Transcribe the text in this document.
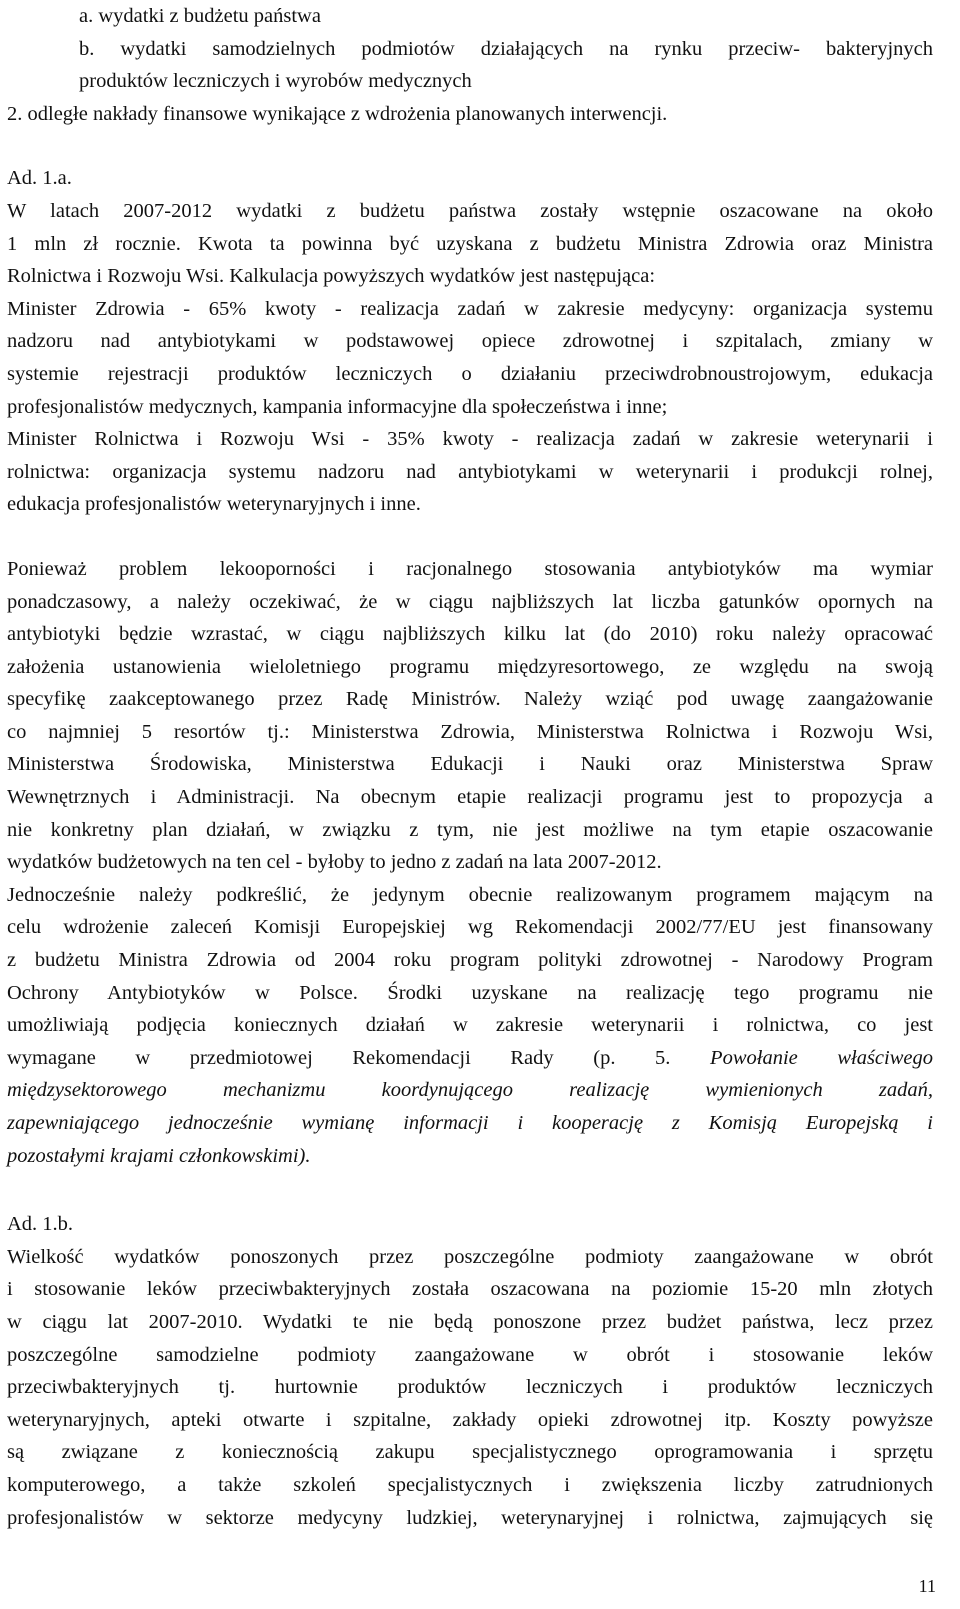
a. wydatki z budżetu państwa
b. wydatki samodzielnych podmiotów działających na rynku przeciw- bakteryjnych
produktów leczniczych i wyrobów medycznych
2. odległe nakłady finansowe wynikające z wdrożenia planowanych interwencji.
Ad. 1.a.
W latach 2007-2012 wydatki z budżetu państwa zostały wstępnie oszacowane na około
1 mln zł rocznie. Kwota ta powinna być uzyskana z budżetu Ministra Zdrowia oraz Ministra
Rolnictwa i Rozwoju Wsi. Kalkulacja powyższych wydatków jest następująca:
Minister Zdrowia - 65% kwoty - realizacja zadań w zakresie medycyny: organizacja systemu
nadzoru nad antybiotykami w podstawowej opiece zdrowotnej i szpitalach, zmiany w
systemie rejestracji produktów leczniczych o działaniu przeciwdrobnoustrojowym, edukacja
profesjonalistów medycznych, kampania informacyjne dla społeczeństwa i inne;
Minister Rolnictwa i Rozwoju Wsi - 35% kwoty - realizacja zadań w zakresie weterynarii i
rolnictwa: organizacja systemu nadzoru nad antybiotykami w weterynarii i produkcji rolnej,
edukacja profesjonalistów weterynaryjnych i inne.
Ponieważ problem lekooporności i racjonalnego stosowania antybiotyków ma wymiar
ponadczasowy, a należy oczekiwać, że w ciągu najbliższych lat liczba gatunków opornych na
antybiotyki będzie wzrastać, w ciągu najbliższych kilku lat (do 2010) roku należy opracować
założenia ustanowienia wieloletniego programu międzyresortowego, ze względu na swoją
specyfikę zaakceptowanego przez Radę Ministrów. Należy wziąć pod uwagę zaangażowanie
co najmniej 5 resortów tj.: Ministerstwa Zdrowia, Ministerstwa Rolnictwa i Rozwoju Wsi,
Ministerstwa Środowiska, Ministerstwa Edukacji i Nauki oraz Ministerstwa Spraw
Wewnętrznych i Administracji. Na obecnym etapie realizacji programu jest to propozycja a
nie konkretny plan działań, w związku z tym, nie jest możliwe na tym etapie oszacowanie
wydatków budżetowych na ten cel - byłoby to jedno z zadań na lata 2007-2012.
Jednocześnie należy podkreślić, że jedynym obecnie realizowanym programem mającym na
celu wdrożenie zaleceń Komisji Europejskiej wg Rekomendacji 2002/77/EU jest finansowany
z budżetu Ministra Zdrowia od 2004 roku program polityki zdrowotnej - Narodowy Program
Ochrony Antybiotyków w Polsce. Środki uzyskane na realizację tego programu nie
umożliwiają podjęcia koniecznych działań w zakresie weterynarii i rolnictwa, co jest
wymagane w przedmiotowej Rekomendacji Rady (p. 5. Powołanie właściwego
międzysektorowego mechanizmu koordynującego realizację wymienionych zadań,
zapewniającego jednocześnie wymianę informacji i kooperację z Komisją Europejską i
pozostałymi krajami członkowskimi).
Ad. 1.b.
Wielkość wydatków ponoszonych przez poszczególne podmioty zaangażowane w obrót
i stosowanie leków przeciwbakteryjnych została oszacowana na poziomie 15-20 mln złotych
w ciągu lat 2007-2010. Wydatki te nie będą ponoszone przez budżet państwa, lecz przez
poszczególne samodzielne podmioty zaangażowane w obrót i stosowanie leków
przeciwbakteryjnych tj. hurtownie produktów leczniczych i produktów leczniczych
weterynaryjnych, apteki otwarte i szpitalne, zakłady opieki zdrowotnej itp. Koszty powyższe
są związane z koniecznością zakupu specjalistycznego oprogramowania i sprzętu
komputerowego, a także szkoleń specjalistycznych i zwiększenia liczby zatrudnionych
profesjonalistów w sektorze medycyny ludzkiej, weterynaryjnej i rolnictwa, zajmujących się
11
